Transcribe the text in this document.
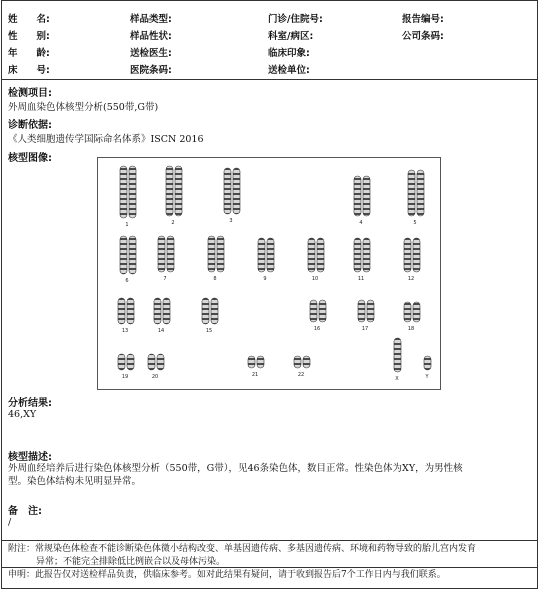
姓　　名:	样品类型:	门诊/住院号:	报告编号:
性　　别:	样品性状:	科室/病区:	公司条码:
年　　龄:	送检医生:	临床印象:
床　　号:	医院条码:	送检单位:
检测项目:
外周血染色体核型分析(550带,G带)
诊断依据:
《人类细胞遗传学国际命名体系》ISCN 2016
核型图像:
1	2	3	4	5
6	7	8	9	10	11	12
13	14	15	16	17	18
19	20	21	22
X	Y
分析结果:
46,XY
核型描述:
外周血经培养后进行染色体核型分析（550带，G带），见46条染色体，数目正常。性染色体为XY，为男性核
型。染色体结构未见明显异常。
备　注:
/
附注：常规染色体检查不能诊断染色体微小结构改变、单基因遗传病、多基因遗传病、环境和药物导致的胎儿宫内发育
异常；不能完全排除低比例嵌合以及母体污染。
申明：此报告仅对送检样品负责，供临床参考。如对此结果有疑问，请于收到报告后7个工作日内与我们联系。
